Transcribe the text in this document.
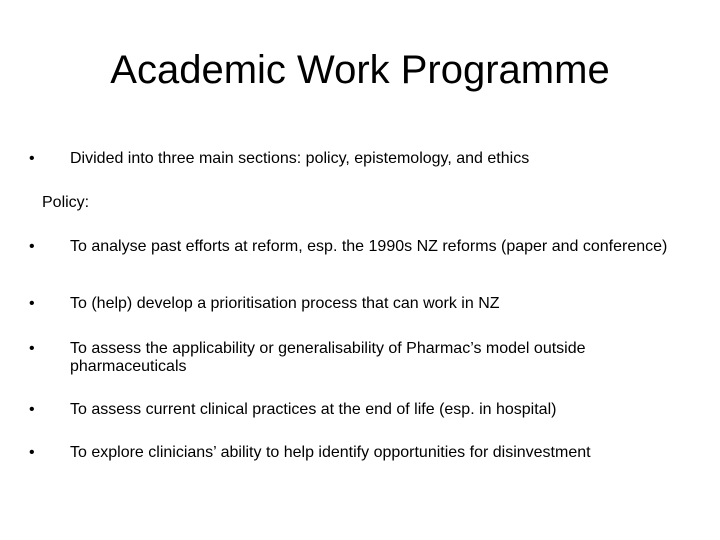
Academic Work Programme
•	Divided into three main sections: policy, epistemology, and ethics
Policy:
•	To analyse past efforts at reform, esp. the 1990s NZ reforms (paper and conference)
•	To (help) develop a prioritisation process that can work in NZ
•	To assess the applicability or generalisability of Pharmac’s model outside pharmaceuticals
•	To assess current clinical practices at the end of life (esp. in hospital)
•	To explore clinicians’ ability to help identify opportunities for disinvestment
